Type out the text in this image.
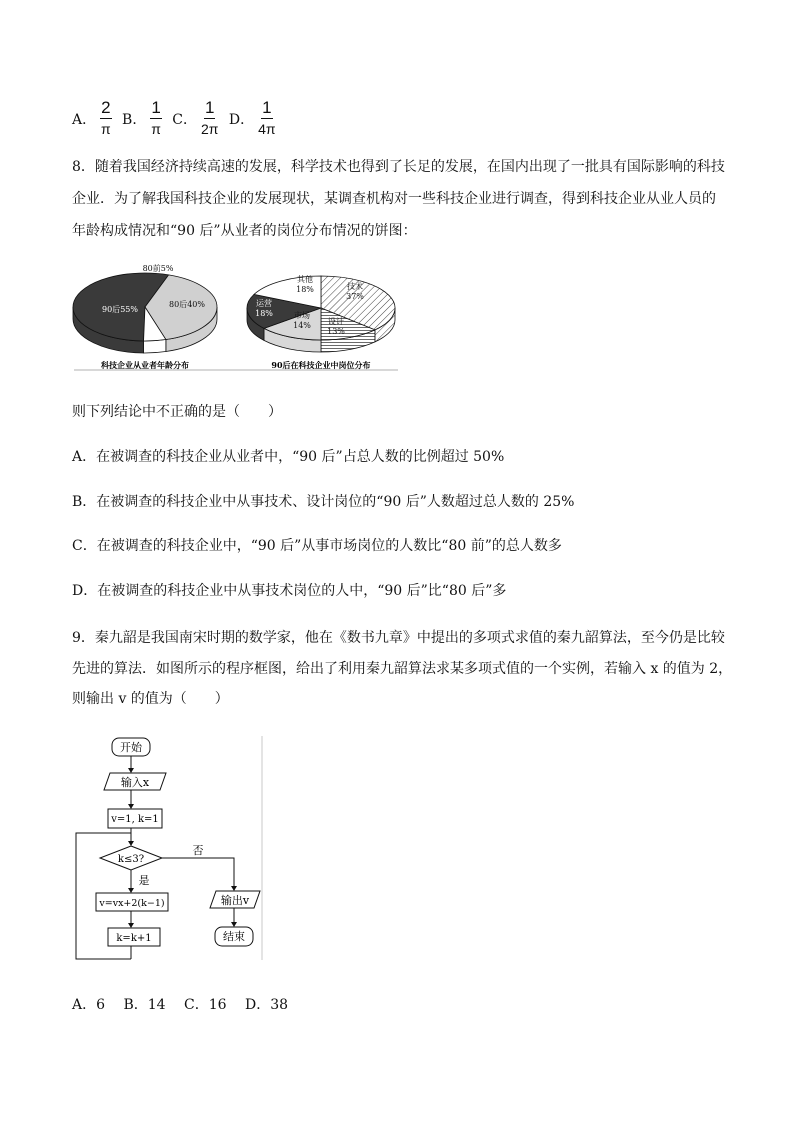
A． $\frac{2}{\pi}$ B． $\frac{1}{\pi}$ C． $\frac{1}{2\pi}$ D． $\frac{1}{4\pi}$
8．随着我国经济持续高速的发展，科学技术也得到了长足的发展，在国内出现了一批具有国际影响的科技
企业．为了解我国科技企业的发展现状，某调查机构对一些科技企业进行调查，得到科技企业从业人员的
年龄构成情况和“90 后”从业者的岗位分布情况的饼图：
90后55%
80后40%
80前5%
科技企业从业者年龄分布
技术
37%
设计
13%
市场
14%
运营
18%
其他
18%
90后在科技企业中岗位分布
则下列结论中不正确的是（　　）
A．在被调查的科技企业从业者中，“90 后”占总人数的比例超过 50%
B．在被调查的科技企业中从事技术、设计岗位的“90 后”人数超过总人数的 25%
C．在被调查的科技企业中，“90 后”从事市场岗位的人数比“80 前”的总人数多
D．在被调查的科技企业中从事技术岗位的人中，“90 后”比“80 后”多
9．秦九韶是我国南宋时期的数学家，他在《数书九章》中提出的多项式求值的秦九韶算法，至今仍是比较
先进的算法．如图所示的程序框图，给出了利用秦九韶算法求某多项式值的一个实例，若输入 x 的值为 2，
则输出 v 的值为（　　）
开始
输入x
v=1, k=1
k≤3?
否
是
v=vx+2(k−1)
k=k+1
输出v
结束
A．6　 B．14　 C．16　 D．38
